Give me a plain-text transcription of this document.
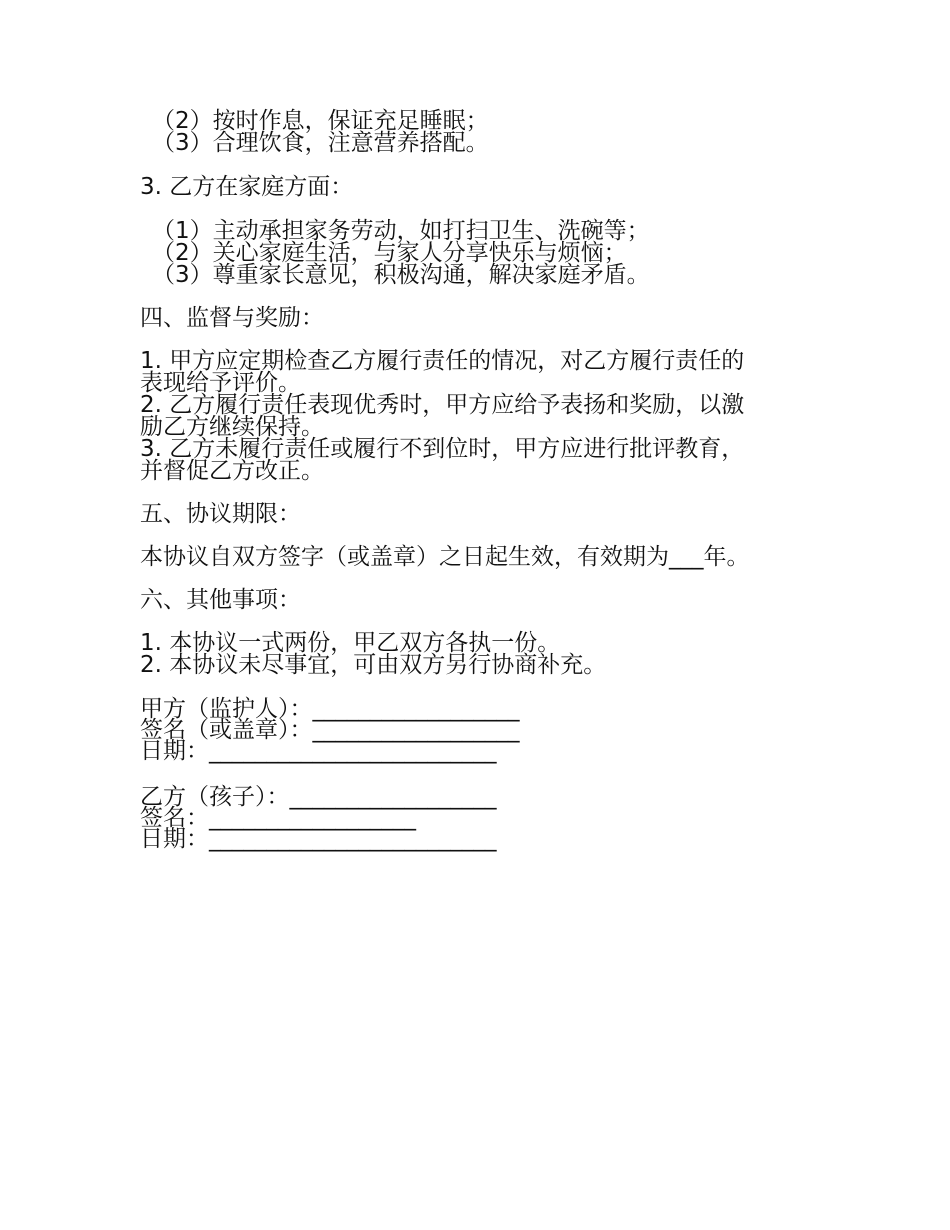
（2）按时作息，保证充足睡眠；
（3）合理饮食，注意营养搭配。
3. 乙方在家庭方面：
（1）主动承担家务劳动，如打扫卫生、洗碗等；
（2）关心家庭生活，与家人分享快乐与烦恼；
（3）尊重家长意见，积极沟通，解决家庭矛盾。
四、监督与奖励：
1. 甲方应定期检查乙方履行责任的情况，对乙方履行责任的
表现给予评价。
2. 乙方履行责任表现优秀时，甲方应给予表扬和奖励，以激
励乙方继续保持。
3. 乙方未履行责任或履行不到位时，甲方应进行批评教育，
并督促乙方改正。
五、协议期限：
本协议自双方签字（或盖章）之日起生效，有效期为___年。
六、其他事项：
1. 本协议一式两份，甲乙双方各执一份。
2. 本协议未尽事宜，可由双方另行协商补充。
甲方（监护人）：__________________
签名（或盖章）：__________________
日期：_________________________
乙方（孩子）：__________________
签名：__________________
日期：_________________________
